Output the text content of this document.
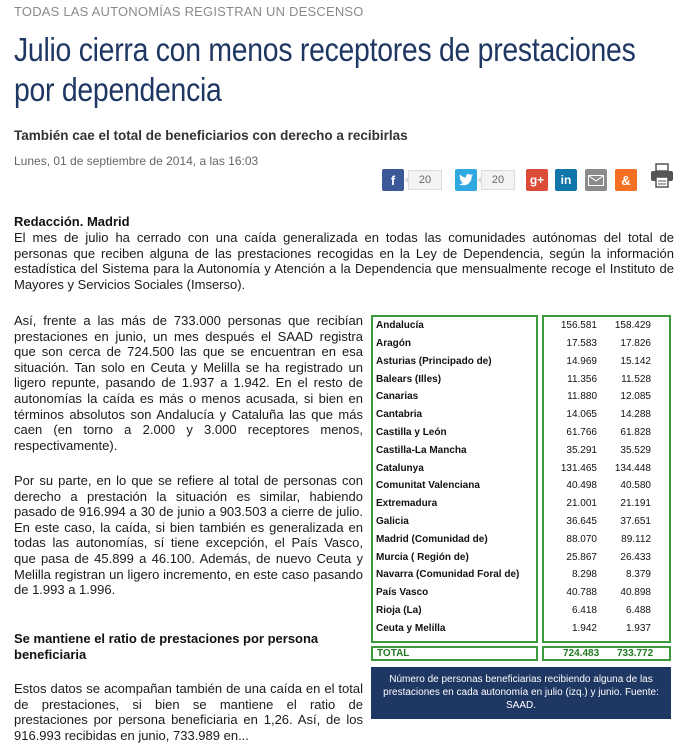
TODAS LAS AUTONOMÍAS REGISTRAN UN DESCENSO
Julio cierra con menos receptores de prestaciones por dependencia
También cae el total de beneficiarios con derecho a recibirlas
Lunes, 01 de septiembre de 2014, a las 16:03
f	20	20	g+	in	&
Redacción. Madrid

El mes de julio ha cerrado con una caída generalizada en todas las comunidades autónomas del total de personas que reciben alguna de las prestaciones recogidas en la Ley de Dependencia, según la información estadística del Sistema para la Autonomía y Atención a la Dependencia que mensualmente recoge el Instituto de Mayores y Servicios Sociales (Imserso).

Así, frente a las más de 733.000 personas que recibían prestaciones en junio, un mes después el SAAD registra que son cerca de 724.500 las que se encuentran en esa situación. Tan solo en Ceuta y Melilla se ha registrado un ligero repunte, pasando de 1.937 a 1.942. En el resto de autonomías la caída es más o menos acusada, si bien en términos absolutos son Andalucía y Cataluña las que más caen (en torno a 2.000 y 3.000 receptores menos, respectivamente).

Por su parte, en lo que se refiere al total de personas con derecho a prestación la situación es similar, habiendo pasado de 916.994 a 30 de junio a 903.503 a cierre de julio. En este caso, la caída, si bien también es generalizada en todas las autonomías, sí tiene excepción, el País Vasco, que pasa de 45.899 a 46.100. Además, de nuevo Ceuta y Melilla registran un ligero incremento, en este caso pasando de 1.993 a 1.996.

Se mantiene el ratio de prestaciones por persona beneficiaria

Estos datos se acompañan también de una caída en el total de prestaciones, si bien se mantiene el ratio de prestaciones por persona beneficiaria en 1,26. Así, de los 916.993 recibidas en junio, 733.989 en...

Andalucía	156.581	158.429
Aragón	17.583	17.826
Asturias (Principado de)	14.969	15.142
Balears (Illes)	11.356	11.528
Canarias	11.880	12.085
Cantabria	14.065	14.288
Castilla y León	61.766	61.828
Castilla-La Mancha	35.291	35.529
Catalunya	131.465	134.448
Comunitat Valenciana	40.498	40.580
Extremadura	21.001	21.191
Galicia	36.645	37.651
Madrid (Comunidad de)	88.070	89.112
Murcia ( Región de)	25.867	26.433
Navarra (Comunidad Foral de)	8.298	8.379
País Vasco	40.788	40.898
Rioja (La)	6.418	6.488
Ceuta y Melilla	1.942	1.937
TOTAL	724.483 733.772
Número de personas beneficiarias recibiendo alguna de las prestaciones en cada autonomía en julio (izq.) y junio. Fuente: SAAD.
